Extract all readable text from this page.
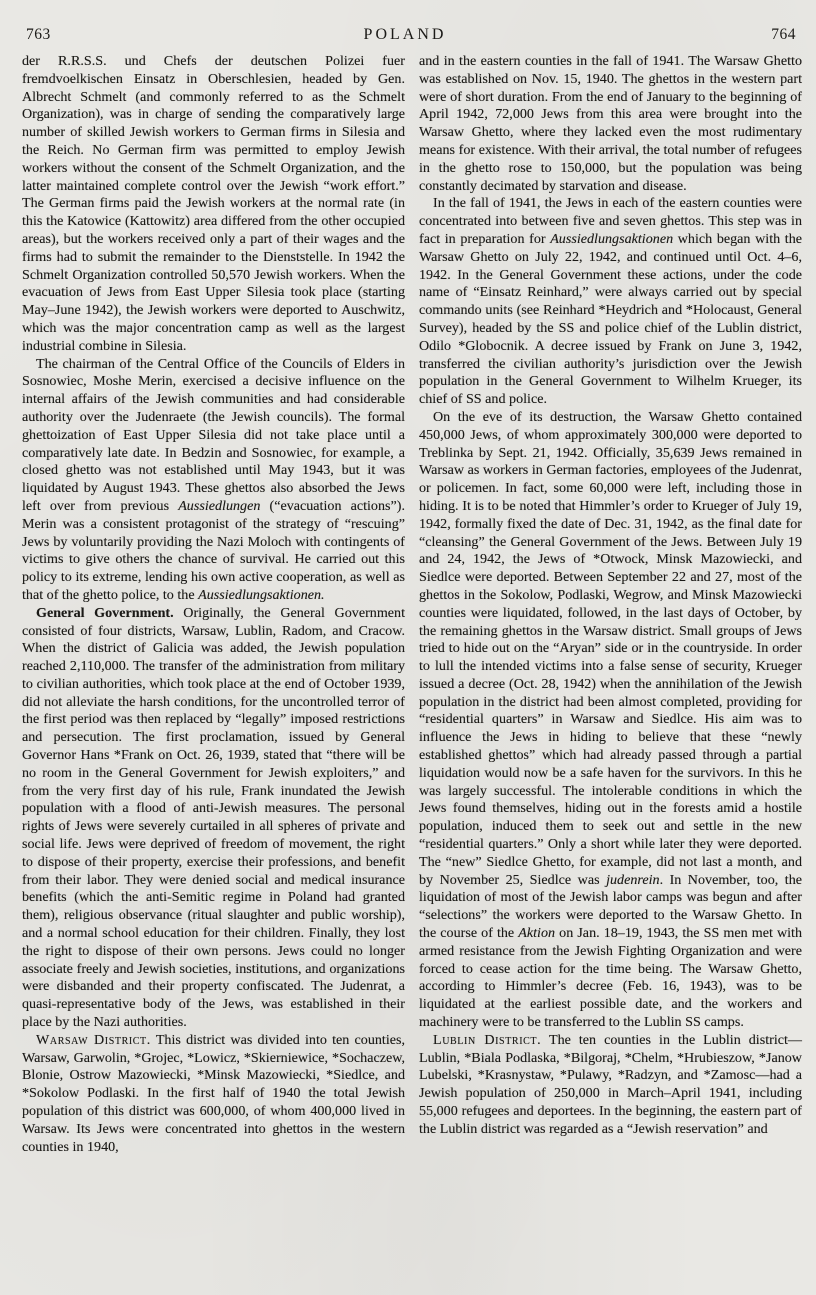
763	POLAND	764

der R.R.S.S. und Chefs der deutschen Polizei fuer fremdvoelkischen Einsatz in Oberschlesien, headed by Gen. Albrecht Schmelt (and commonly referred to as the Schmelt Organization), was in charge of sending the comparatively large number of skilled Jewish workers to German firms in Silesia and the Reich. No German firm was permitted to employ Jewish workers without the consent of the Schmelt Organization, and the latter maintained complete control over the Jewish “work effort.” The German firms paid the Jewish workers at the normal rate (in this the Katowice (Kattowitz) area differed from the other occupied areas), but the workers received only a part of their wages and the firms had to submit the remainder to the Dienststelle. In 1942 the Schmelt Organization controlled 50,570 Jewish workers. When the evacuation of Jews from East Upper Silesia took place (starting May–June 1942), the Jewish workers were deported to Auschwitz, which was the major concentration camp as well as the largest industrial combine in Silesia.

The chairman of the Central Office of the Councils of Elders in Sosnowiec, Moshe Merin, exercised a decisive influence on the internal affairs of the Jewish communities and had considerable authority over the Judenraete (the Jewish councils). The formal ghettoization of East Upper Silesia did not take place until a comparatively late date. In Bedzin and Sosnowiec, for example, a closed ghetto was not established until May 1943, but it was liquidated by August 1943. These ghettos also absorbed the Jews left over from previous Aussiedlungen (“evacuation actions”). Merin was a consistent protagonist of the strategy of “rescuing” Jews by voluntarily providing the Nazi Moloch with contingents of victims to give others the chance of survival. He carried out this policy to its extreme, lending his own active cooperation, as well as that of the ghetto police, to the Aussiedlungsaktionen.

General Government. Originally, the General Government consisted of four districts, Warsaw, Lublin, Radom, and Cracow. When the district of Galicia was added, the Jewish population reached 2,110,000. The transfer of the administration from military to civilian authorities, which took place at the end of October 1939, did not alleviate the harsh conditions, for the uncontrolled terror of the first period was then replaced by “legally” imposed restrictions and persecution. The first proclamation, issued by General Governor Hans *Frank on Oct. 26, 1939, stated that “there will be no room in the General Government for Jewish exploiters,” and from the very first day of his rule, Frank inundated the Jewish population with a flood of anti-Jewish measures. The personal rights of Jews were severely curtailed in all spheres of private and social life. Jews were deprived of freedom of movement, the right to dispose of their property, exercise their professions, and benefit from their labor. They were denied social and medical insurance benefits (which the anti-Semitic regime in Poland had granted them), religious observance (ritual slaughter and public worship), and a normal school education for their children. Finally, they lost the right to dispose of their own persons. Jews could no longer associate freely and Jewish societies, institutions, and organizations were disbanded and their property confiscated. The Judenrat, a quasi-representative body of the Jews, was established in their place by the Nazi authorities.

Warsaw District. This district was divided into ten counties, Warsaw, Garwolin, *Grojec, *Lowicz, *Skierniewice, *Sochaczew, Blonie, Ostrow Mazowiecki, *Minsk Mazowiecki, *Siedlce, and *Sokolow Podlaski. In the first half of 1940 the total Jewish population of this district was 600,000, of whom 400,000 lived in Warsaw. Its Jews were concentrated into ghettos in the western counties in 1940,

and in the eastern counties in the fall of 1941. The Warsaw Ghetto was established on Nov. 15, 1940. The ghettos in the western part were of short duration. From the end of January to the beginning of April 1942, 72,000 Jews from this area were brought into the Warsaw Ghetto, where they lacked even the most rudimentary means for existence. With their arrival, the total number of refugees in the ghetto rose to 150,000, but the population was being constantly decimated by starvation and disease.

In the fall of 1941, the Jews in each of the eastern counties were concentrated into between five and seven ghettos. This step was in fact in preparation for Aussiedlungsaktionen which began with the Warsaw Ghetto on July 22, 1942, and continued until Oct. 4–6, 1942. In the General Government these actions, under the code name of “Einsatz Reinhard,” were always carried out by special commando units (see Reinhard *Heydrich and *Holocaust, General Survey), headed by the SS and police chief of the Lublin district, Odilo *Globocnik. A decree issued by Frank on June 3, 1942, transferred the civilian authority’s jurisdiction over the Jewish population in the General Government to Wilhelm Krueger, its chief of SS and police.

On the eve of its destruction, the Warsaw Ghetto contained 450,000 Jews, of whom approximately 300,000 were deported to Treblinka by Sept. 21, 1942. Officially, 35,639 Jews remained in Warsaw as workers in German factories, employees of the Judenrat, or policemen. In fact, some 60,000 were left, including those in hiding. It is to be noted that Himmler’s order to Krueger of July 19, 1942, formally fixed the date of Dec. 31, 1942, as the final date for “cleansing” the General Government of the Jews. Between July 19 and 24, 1942, the Jews of *Otwock, Minsk Mazowiecki, and Siedlce were deported. Between September 22 and 27, most of the ghettos in the Sokolow, Podlaski, Wegrow, and Minsk Mazowiecki counties were liquidated, followed, in the last days of October, by the remaining ghettos in the Warsaw district. Small groups of Jews tried to hide out on the “Aryan” side or in the countryside. In order to lull the intended victims into a false sense of security, Krueger issued a decree (Oct. 28, 1942) when the annihilation of the Jewish population in the district had been almost completed, providing for “residential quarters” in Warsaw and Siedlce. His aim was to influence the Jews in hiding to believe that these “newly established ghettos” which had already passed through a partial liquidation would now be a safe haven for the survivors. In this he was largely successful. The intolerable conditions in which the Jews found themselves, hiding out in the forests amid a hostile population, induced them to seek out and settle in the new “residential quarters.” Only a short while later they were deported. The “new” Siedlce Ghetto, for example, did not last a month, and by November 25, Siedlce was judenrein. In November, too, the liquidation of most of the Jewish labor camps was begun and after “selections” the workers were deported to the Warsaw Ghetto. In the course of the Aktion on Jan. 18–19, 1943, the SS men met with armed resistance from the Jewish Fighting Organization and were forced to cease action for the time being. The Warsaw Ghetto, according to Himmler’s decree (Feb. 16, 1943), was to be liquidated at the earliest possible date, and the workers and machinery were to be transferred to the Lublin SS camps.

Lublin District. The ten counties in the Lublin district—Lublin, *Biala Podlaska, *Bilgoraj, *Chelm, *Hrubieszow, *Janow Lubelski, *Krasnystaw, *Pulawy, *Radzyn, and *Zamosc—had a Jewish population of 250,000 in March–April 1941, including 55,000 refugees and deportees. In the beginning, the eastern part of the Lublin district was regarded as a “Jewish reservation” and
